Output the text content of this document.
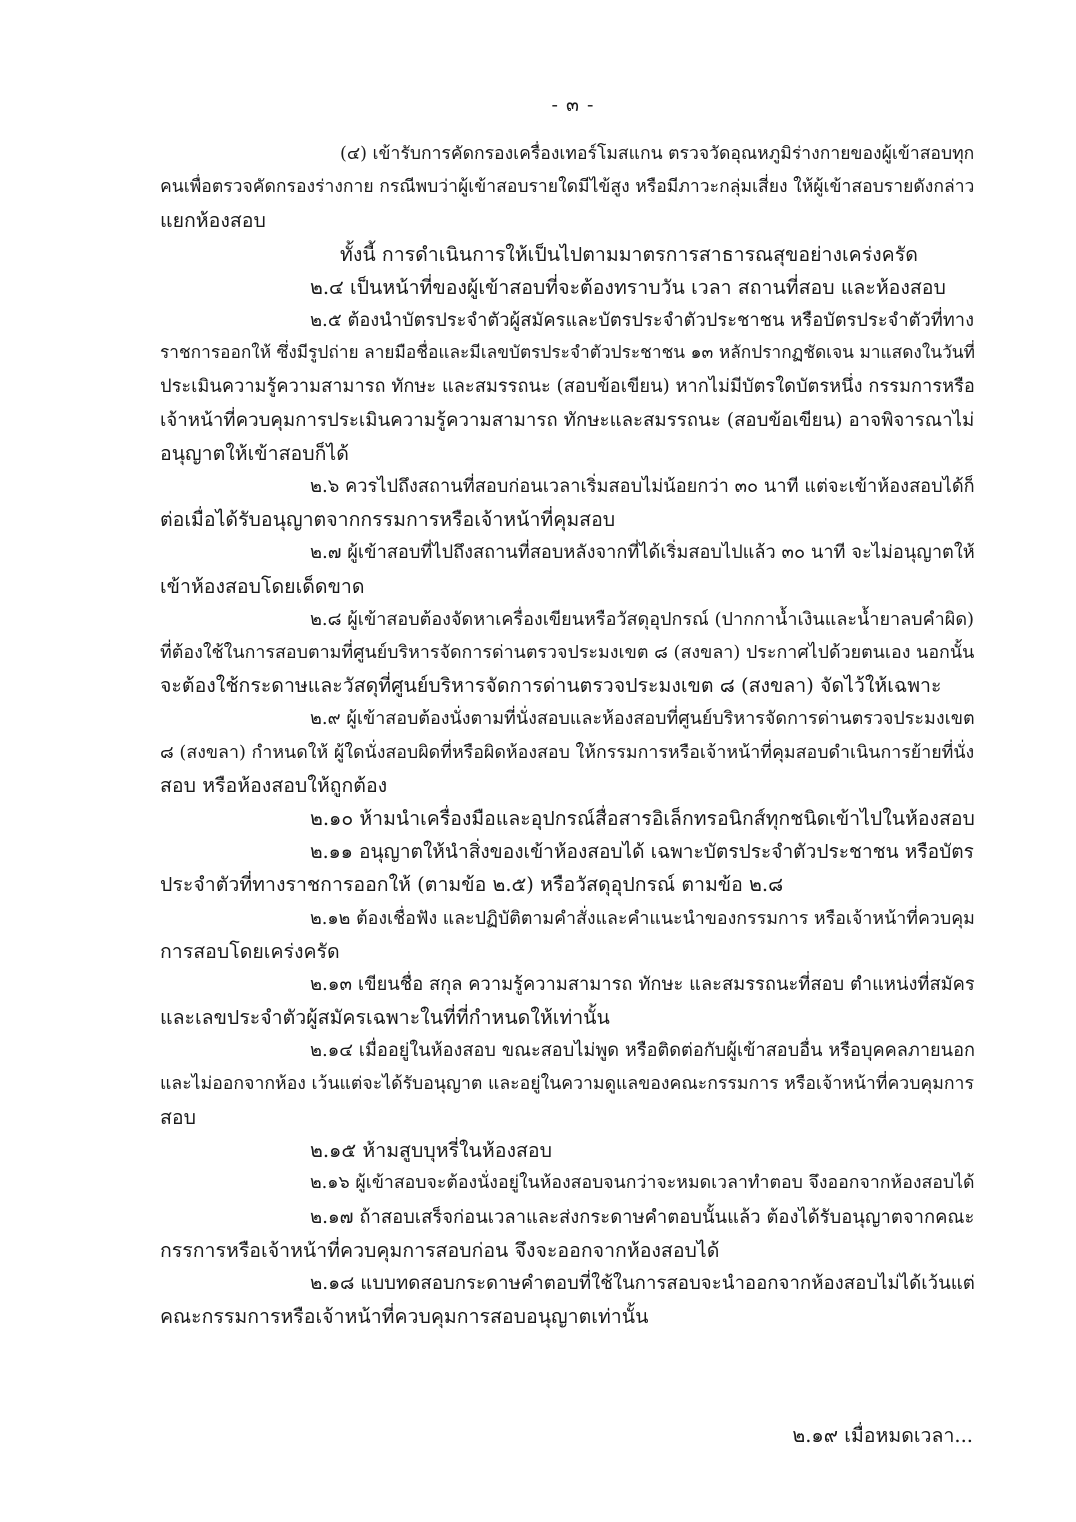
- ๓ -
(๔) เข้ารับการคัดกรองเครื่องเทอร์โมสแกน ตรวจวัดอุณหภูมิร่างกายของผู้เข้าสอบทุก
คนเพื่อตรวจคัดกรองร่างกาย กรณีพบว่าผู้เข้าสอบรายใดมีไข้สูง หรือมีภาวะกลุ่มเสี่ยง ให้ผู้เข้าสอบรายดังกล่าว
แยกห้องสอบ
ทั้งนี้ การดำเนินการให้เป็นไปตามมาตรการสาธารณสุขอย่างเคร่งครัด
๒.๔ เป็นหน้าที่ของผู้เข้าสอบที่จะต้องทราบวัน เวลา สถานที่สอบ และห้องสอบ
๒.๕ ต้องนำบัตรประจำตัวผู้สมัครและบัตรประจำตัวประชาชน หรือบัตรประจำตัวที่ทาง
ราชการออกให้ ซึ่งมีรูปถ่าย ลายมือชื่อและมีเลขบัตรประจำตัวประชาชน ๑๓ หลักปรากฏชัดเจน มาแสดงในวันที่
ประเมินความรู้ความสามารถ ทักษะ และสมรรถนะ (สอบข้อเขียน) หากไม่มีบัตรใดบัตรหนึ่ง กรรมการหรือ
เจ้าหน้าที่ควบคุมการประเมินความรู้ความสามารถ ทักษะและสมรรถนะ (สอบข้อเขียน) อาจพิจารณาไม่
อนุญาตให้เข้าสอบก็ได้
๒.๖ ควรไปถึงสถานที่สอบก่อนเวลาเริ่มสอบไม่น้อยกว่า ๓๐ นาที แต่จะเข้าห้องสอบได้ก็
ต่อเมื่อได้รับอนุญาตจากกรรมการหรือเจ้าหน้าที่คุมสอบ
๒.๗ ผู้เข้าสอบที่ไปถึงสถานที่สอบหลังจากที่ได้เริ่มสอบไปแล้ว ๓๐ นาที จะไม่อนุญาตให้
เข้าห้องสอบโดยเด็ดขาด
๒.๘ ผู้เข้าสอบต้องจัดหาเครื่องเขียนหรือวัสดุอุปกรณ์ (ปากกาน้ำเงินและน้ำยาลบคำผิด)
ที่ต้องใช้ในการสอบตามที่ศูนย์บริหารจัดการด่านตรวจประมงเขต ๘ (สงขลา) ประกาศไปด้วยตนเอง นอกนั้น
จะต้องใช้กระดาษและวัสดุที่ศูนย์บริหารจัดการด่านตรวจประมงเขต ๘ (สงขลา) จัดไว้ให้เฉพาะ
๒.๙ ผู้เข้าสอบต้องนั่งตามที่นั่งสอบและห้องสอบที่ศูนย์บริหารจัดการด่านตรวจประมงเขต
๘ (สงขลา) กำหนดให้ ผู้ใดนั่งสอบผิดที่หรือผิดห้องสอบ ให้กรรมการหรือเจ้าหน้าที่คุมสอบดำเนินการย้ายที่นั่ง
สอบ หรือห้องสอบให้ถูกต้อง
๒.๑๐ ห้ามนำเครื่องมือและอุปกรณ์สื่อสารอิเล็กทรอนิกส์ทุกชนิดเข้าไปในห้องสอบ
๒.๑๑ อนุญาตให้นำสิ่งของเข้าห้องสอบได้ เฉพาะบัตรประจำตัวประชาชน หรือบัตร
ประจำตัวที่ทางราชการออกให้ (ตามข้อ ๒.๕) หรือวัสดุอุปกรณ์ ตามข้อ ๒.๘
๒.๑๒ ต้องเชื่อฟัง และปฏิบัติตามคำสั่งและคำแนะนำของกรรมการ หรือเจ้าหน้าที่ควบคุม
การสอบโดยเคร่งครัด
๒.๑๓ เขียนชื่อ สกุล ความรู้ความสามารถ ทักษะ และสมรรถนะที่สอบ ตำแหน่งที่สมัคร
และเลขประจำตัวผู้สมัครเฉพาะในที่ที่กำหนดให้เท่านั้น
๒.๑๔ เมื่ออยู่ในห้องสอบ ขณะสอบไม่พูด หรือติดต่อกับผู้เข้าสอบอื่น หรือบุคคลภายนอก
และไม่ออกจากห้อง เว้นแต่จะได้รับอนุญาต และอยู่ในความดูแลของคณะกรรมการ หรือเจ้าหน้าที่ควบคุมการ
สอบ
๒.๑๕ ห้ามสูบบุหรี่ในห้องสอบ
๒.๑๖ ผู้เข้าสอบจะต้องนั่งอยู่ในห้องสอบจนกว่าจะหมดเวลาทำตอบ จึงออกจากห้องสอบได้
๒.๑๗ ถ้าสอบเสร็จก่อนเวลาและส่งกระดาษคำตอบนั้นแล้ว ต้องได้รับอนุญาตจากคณะ
กรรการหรือเจ้าหน้าที่ควบคุมการสอบก่อน จึงจะออกจากห้องสอบได้
๒.๑๘ แบบทดสอบกระดาษคำตอบที่ใช้ในการสอบจะนำออกจากห้องสอบไม่ได้เว้นแต่
คณะกรรมการหรือเจ้าหน้าที่ควบคุมการสอบอนุญาตเท่านั้น
๒.๑๙ เมื่อหมดเวลา...
